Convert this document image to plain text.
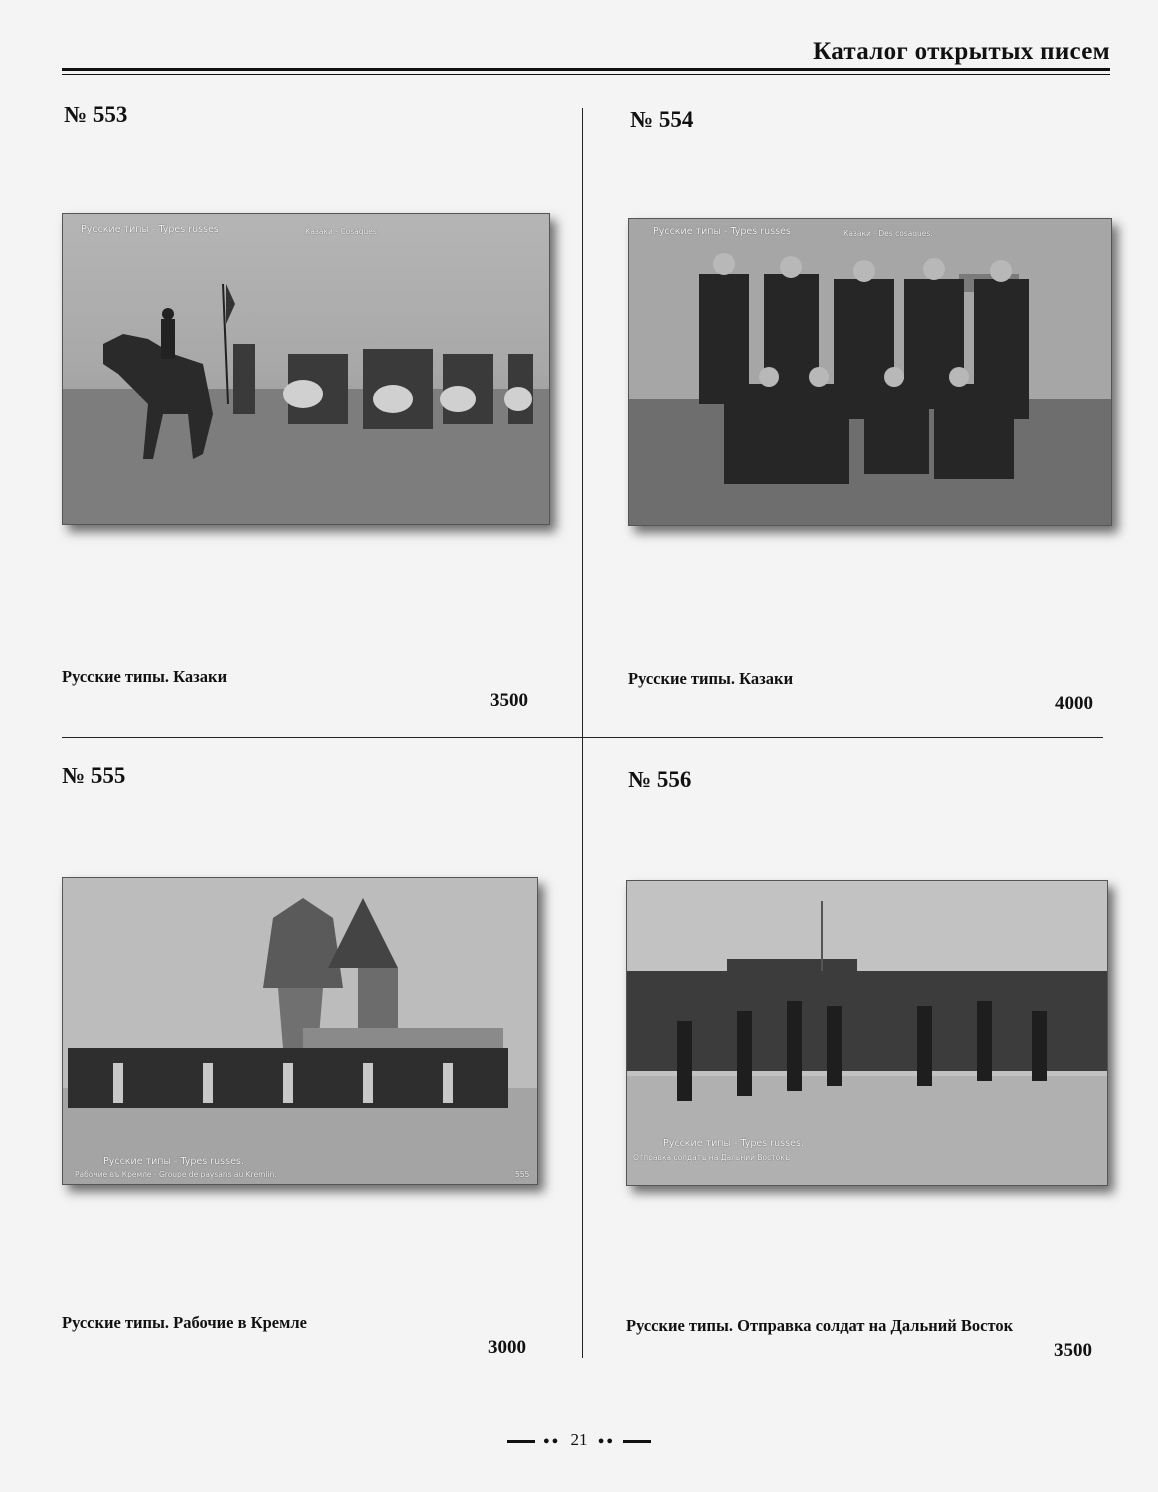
Каталог открытых писем
№ 553
Русские типы - Types russes	Казаки - Cosaques.
Русские типы. Казаки
3500
№ 554
Русские типы - Types russes	Казаки - Des cosaques.
Русские типы. Казаки
4000
№ 555
Русские типы - Types russes.
Рабочие въ Кремле - Groupe de paysans au Kremlin.	555
Русские типы. Рабочие в Кремле
3000
№ 556
Русские типы - Types russes.
Отправка солдатъ на Дальний Востокъ
Русские типы. Отправка солдат на Дальний Восток
3500
●● 21 ●●
